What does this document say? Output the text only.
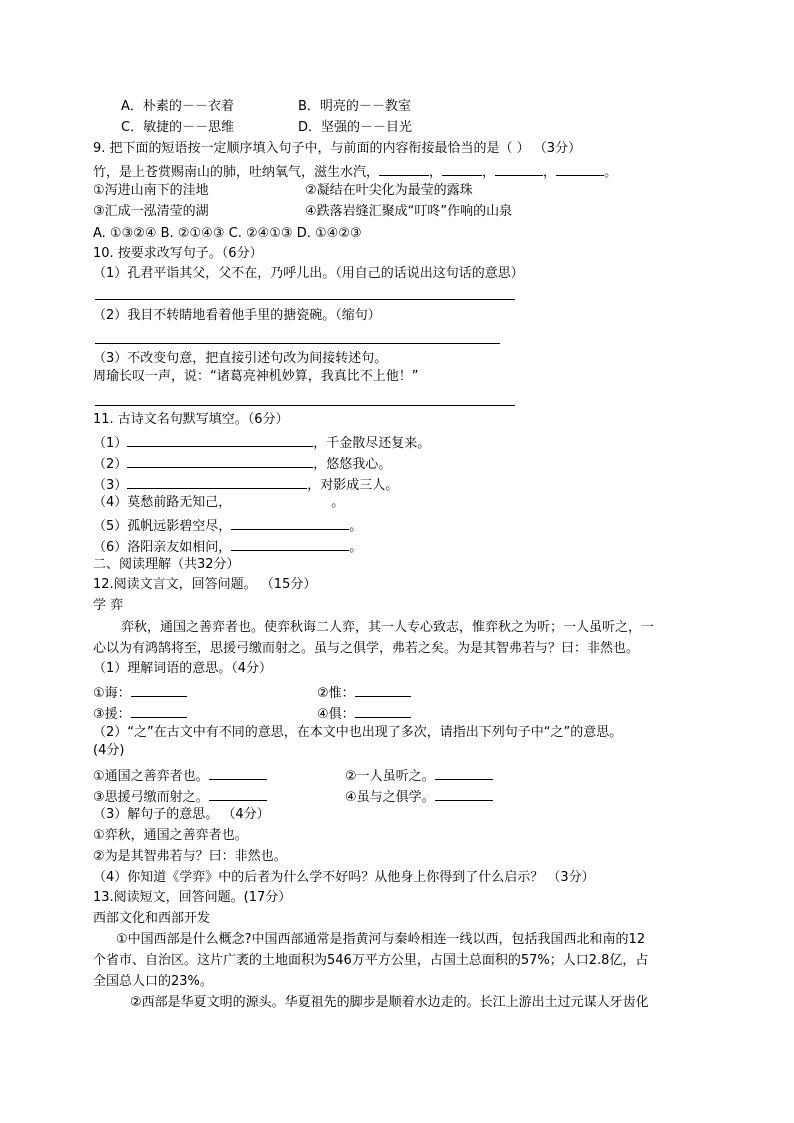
A．朴素的－－衣着	B．明亮的－－教室
C．敏捷的－－思维	D．坚强的－－目光
9. 把下面的短语按一定顺序填入句子中，与前面的内容衔接最恰当的是（ ） （3分）
竹，是上苍赏赐南山的肺，吐纳氧气，滋生水汽，	，	，	，	。
①泻进山南下的洼地	②凝结在叶尖化为最莹的露珠
③汇成一泓清莹的湖	④跌落岩缝汇聚成“叮咚”作响的山泉
A. ①③②④ B. ②①④③ C. ②④①③ D. ①④②③
10. 按要求改写句子。（6分）
（1）孔君平诣其父，父不在，乃呼儿出。（用自己的话说出这句话的意思）
（2）我目不转睛地看着他手里的搪瓷碗。（缩句）
（3）不改变句意，把直接引述句改为间接转述句。
周瑜长叹一声，说：“诸葛亮神机妙算，我真比不上他！”
11. 古诗文名句默写填空。（6分）
（1）	，千金散尽还复来。
（2）	，悠悠我心。
（3）	，对影成三人。
（4）莫愁前路无知己，	。
（5）孤帆远影碧空尽，	。
（6）洛阳亲友如相问，	。
二、阅读理解（共32分）
12.阅读文言文，回答问题。 （15分）
学 弈
弈秋，通国之善弈者也。使弈秋诲二人弈，其一人专心致志，惟弈秋之为听；一人虽听之，一
心以为有鸿鹄将至，思援弓缴而射之。虽与之俱学，弗若之矣。为是其智弗若与？曰：非然也。
（1）理解词语的意思。（4分）
①诲：	②惟：
③援：	④俱：
（2）“之”在古文中有不同的意思，在本文中也出现了多次，请指出下列句子中“之”的意思。
(4分)
①通国之善弈者也。	②一人虽听之。
③思援弓缴而射之。	④虽与之俱学。
（3）解句子的意思。 （4分）
①弈秋，通国之善弈者也。
②为是其智弗若与？曰：非然也。
（4）你知道《学弈》中的后者为什么学不好吗？从他身上你得到了什么启示？ （3分）
13.阅读短文，回答问题。(17分）
西部文化和西部开发
①中国西部是什么概念?中国西部通常是指黄河与秦岭相连一线以西，包括我国西北和南的12
个省市、自治区。这片广袤的土地面积为546万平方公里，占国土总面积的57%；人口2.8亿，占
全国总人口的23%。
②西部是华夏文明的源头。华夏祖先的脚步是顺着水边走的。长江上游出土过元谋人牙齿化
